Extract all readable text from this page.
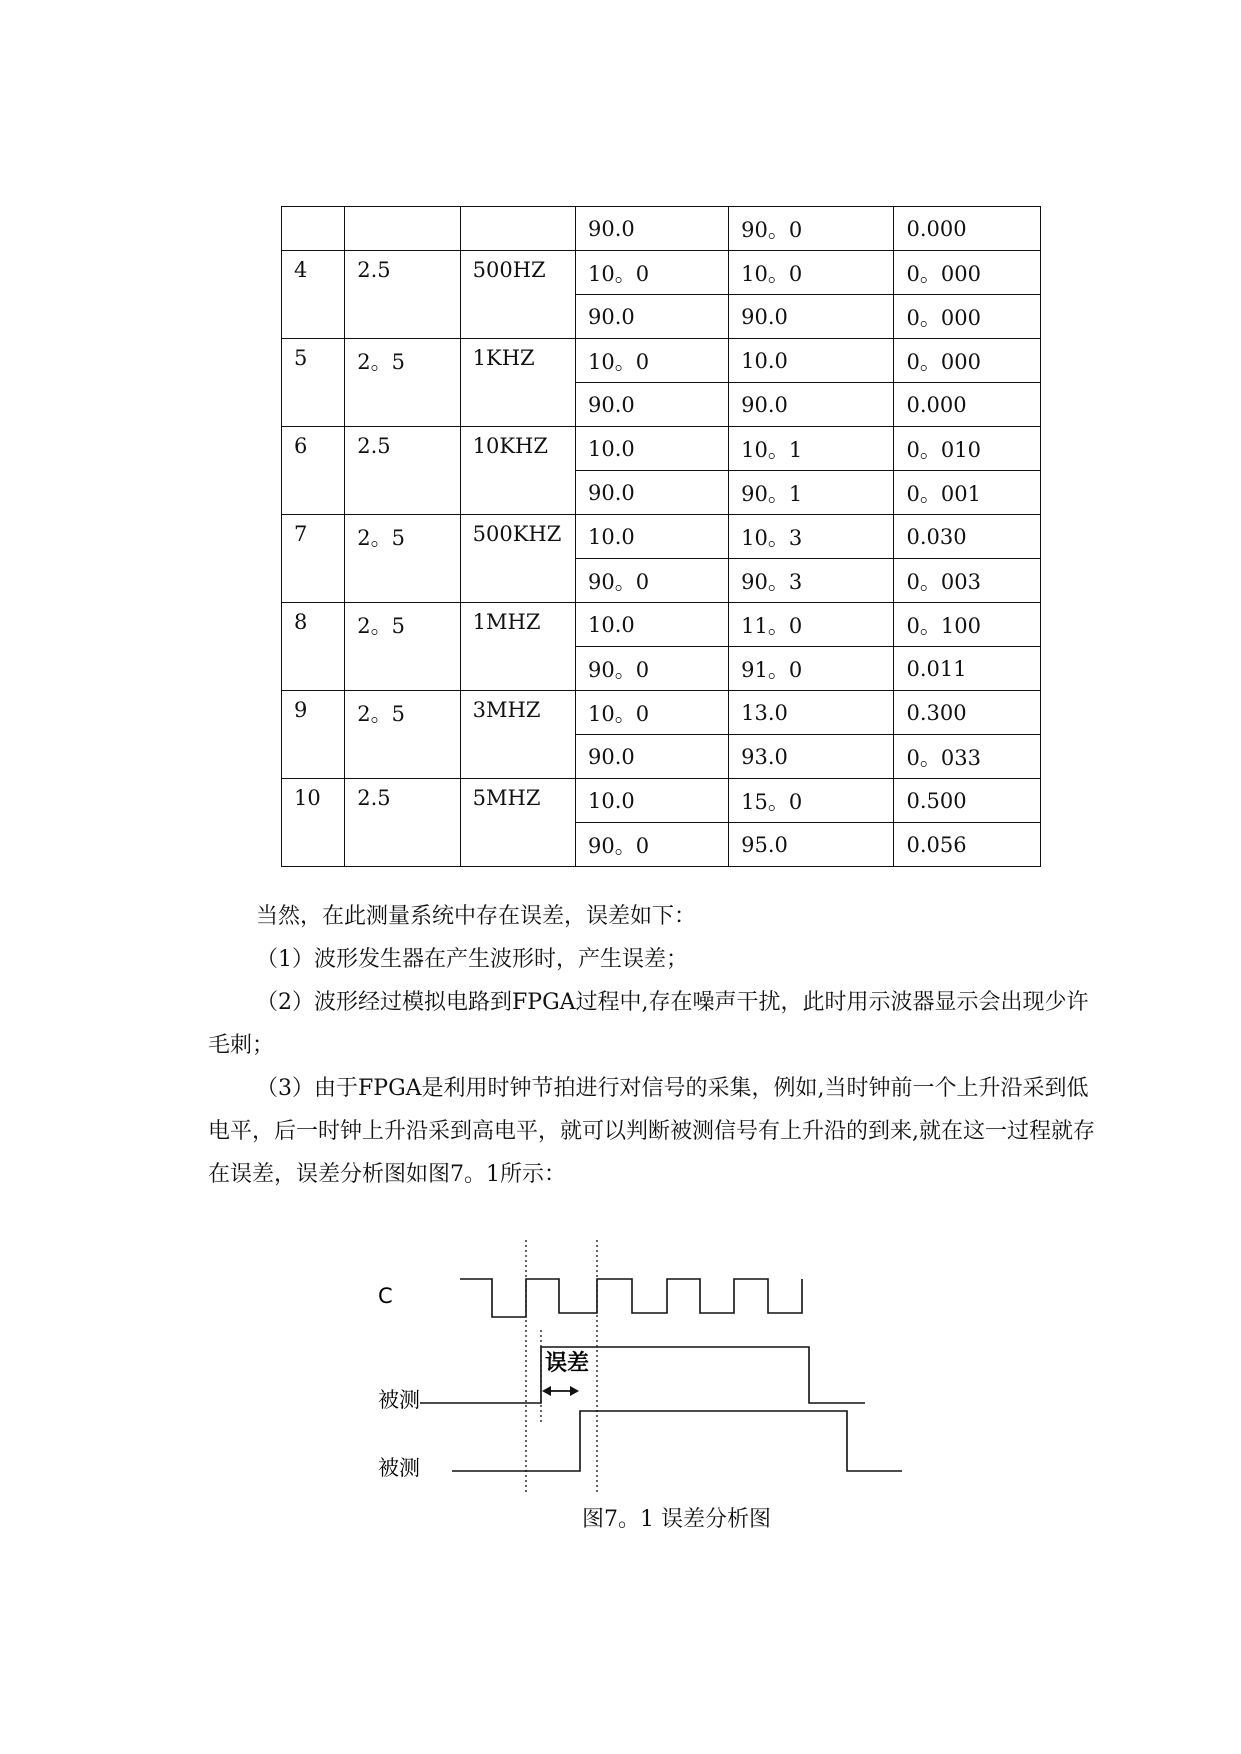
			90.0	90。0	0.000
4	2.5	500HZ	10。0	10。0	0。000
			90.0	90.0	0。000
5	2。5	1KHZ	10。0	10.0	0。000
			90.0	90.0	0.000
6	2.5	10KHZ	10.0	10。1	0。010
			90.0	90。1	0。001
7	2。5	500KHZ	10.0	10。3	0.030
			90。0	90。3	0。003
8	2。5	1MHZ	10.0	11。0	0。100
			90。0	91。0	0.011
9	2。5	3MHZ	10。0	13.0	0.300
			90.0	93.0	0。033
10	2.5	5MHZ	10.0	15。0	0.500
			90。0	95.0	0.056

当然，在此测量系统中存在误差，误差如下：

（1）波形发生器在产生波形时，产生误差；

（2）波形经过模拟电路到FPGA过程中,存在噪声干扰，此时用示波器显示会出现少许毛刺；

（3）由于FPGA是利用时钟节拍进行对信号的采集，例如,当时钟前一个上升沿采到低电平，后一时钟上升沿采到高电平，就可以判断被测信号有上升沿的到来,就在这一过程就存在误差，误差分析图如图7。1所示：

C
被测
被测
误差

图7。1 误差分析图
